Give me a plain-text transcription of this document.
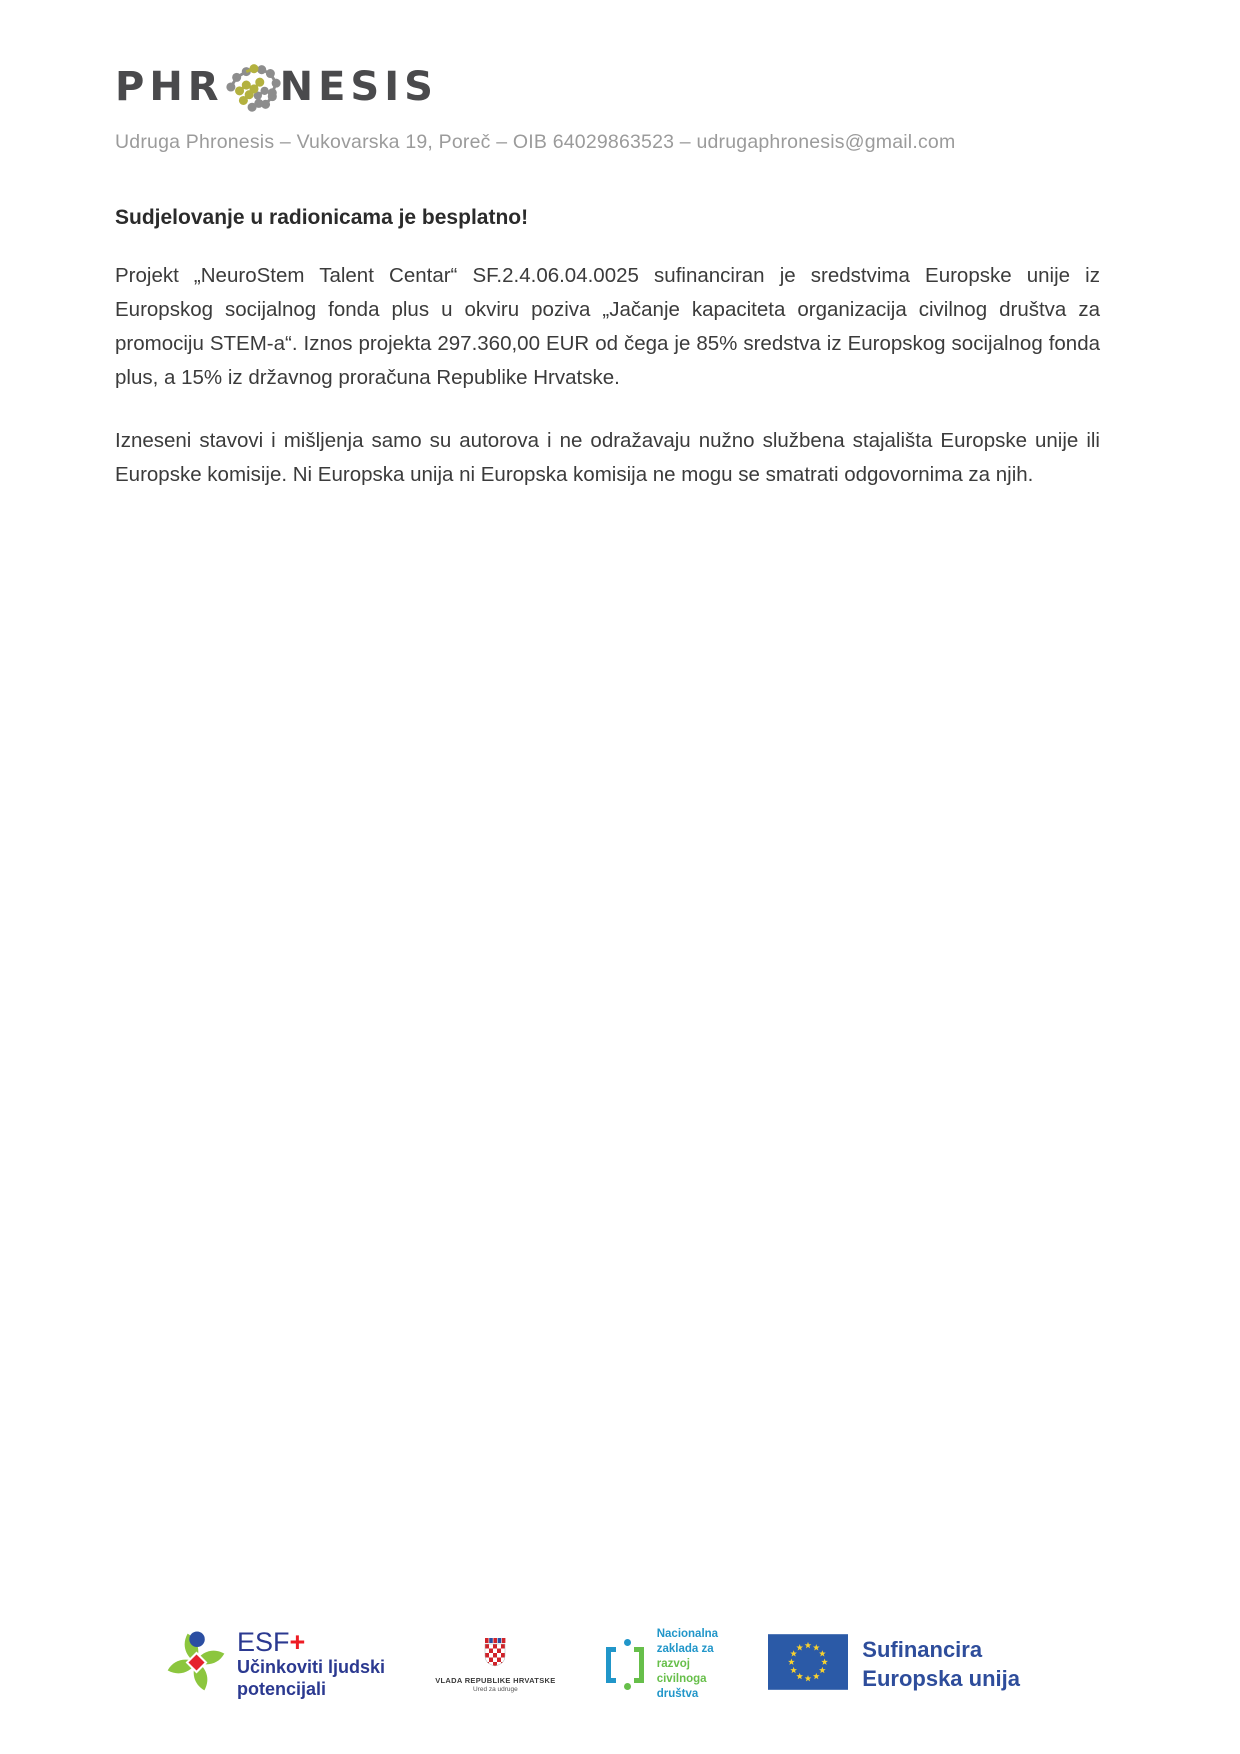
PHR NESIS
Udruga Phronesis – Vukovarska 19, Poreč – OIB 64029863523 – udrugaphronesis@gmail.com
Sudjelovanje u radionicama je besplatno!

Projekt „NeuroStem Talent Centar“ SF.2.4.06.04.0025 sufinanciran je sredstvima Europske unije iz Europskog socijalnog fonda plus u okviru poziva „Jačanje kapaciteta organizacija civilnog društva za promociju STEM-a“. Iznos projekta 297.360,00 EUR od čega je 85% sredstva iz Europskog socijalnog fonda plus, a 15% iz državnog proračuna Republike Hrvatske.

Izneseni stavovi i mišljenja samo su autorova i ne odražavaju nužno službena stajališta Europske unije ili Europske komisije. Ni Europska unija ni Europska komisija ne mogu se smatrati odgovornima za njih.

ESF+
Učinkoviti ljudski
potencijali	VLADA REPUBLIKE HRVATSKE
Ured za udruge
Nacionalna
zaklada za
razvoj
civilnoga
društva
Sufinancira
Europska unija
